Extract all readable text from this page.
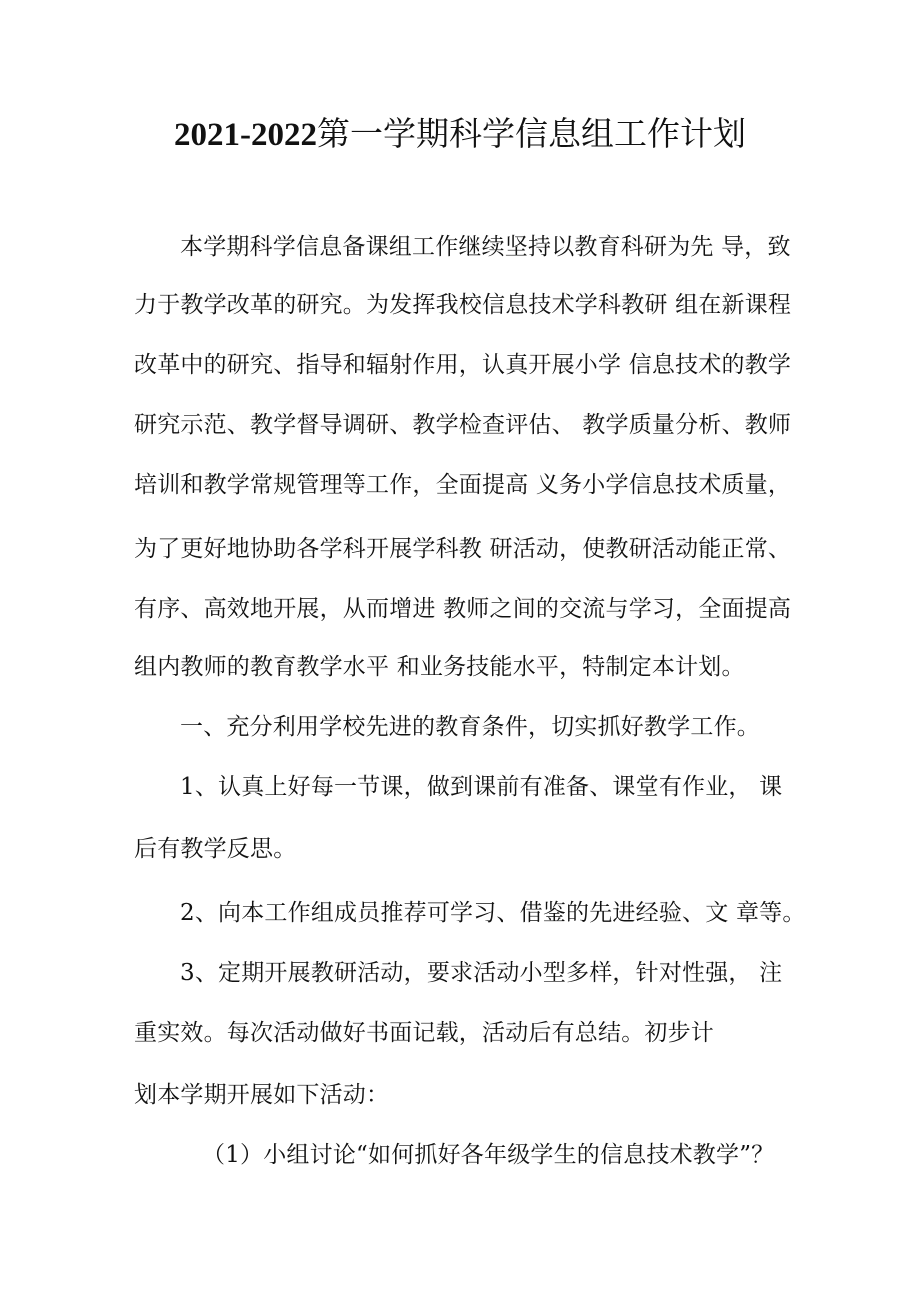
2021-2022第一学期科学信息组工作计划
本学期科学信息备课组工作继续坚持以教育科研为先 导，致
力于教学改革的研究。为发挥我校信息技术学科教研 组在新课程
改革中的研究、指导和辐射作用，认真开展小学 信息技术的教学
研究示范、教学督导调研、教学检查评估、 教学质量分析、教师
培训和教学常规管理等工作，全面提高 义务小学信息技术质量，
为了更好地协助各学科开展学科教 研活动，使教研活动能正常、
有序、高效地开展，从而增进 教师之间的交流与学习，全面提高
组内教师的教育教学水平 和业务技能水平，特制定本计划。
一、充分利用学校先进的教育条件，切实抓好教学工作。
1、认真上好每一节课，做到课前有准备、课堂有作业， 课
后有教学反思。
2、向本工作组成员推荐可学习、借鉴的先进经验、文 章等。
3、定期开展教研活动，要求活动小型多样，针对性强， 注
重实效。每次活动做好书面记载，活动后有总结。初步计
划本学期开展如下活动：
（1）小组讨论“如何抓好各年级学生的信息技术教学”？
